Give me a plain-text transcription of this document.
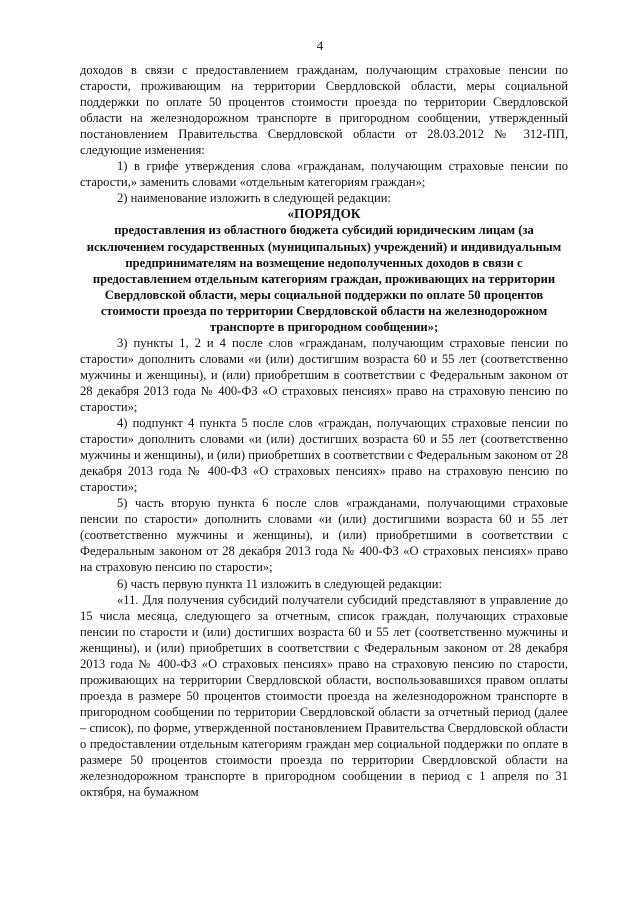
4

доходов в связи с предоставлением гражданам, получающим страховые пенсии по старости, проживающим на территории Свердловской области, меры социальной поддержки по оплате 50 процентов стоимости проезда по территории Свердловской области на железнодорожном транспорте в пригородном сообщении, утвержденный постановлением Правительства Свердловской области от 28.03.2012 № 312-ПП, следующие изменения:

1) в грифе утверждения слова «гражданам, получающим страховые пенсии по старости,» заменить словами «отдельным категориям граждан»;

2) наименование изложить в следующей редакции:

«ПОРЯДОК
предоставления из областного бюджета субсидий юридическим лицам (за исключением государственных (муниципальных) учреждений) и индивидуальным предпринимателям на возмещение недополученных доходов в связи с предоставлением отдельным категориям граждан, проживающих на территории Свердловской области, меры социальной поддержки по оплате 50 процентов стоимости проезда по территории Свердловской области на железнодорожном транспорте в пригородном сообщении»;

3) пункты 1, 2 и 4 после слов «гражданам, получающим страховые пенсии по старости» дополнить словами «и (или) достигшим возраста 60 и 55 лет (соответственно мужчины и женщины), и (или) приобретшим в соответствии с Федеральным законом от 28 декабря 2013 года № 400-ФЗ «О страховых пенсиях» право на страховую пенсию по старости»;

4) подпункт 4 пункта 5 после слов «граждан, получающих страховые пенсии по старости» дополнить словами «и (или) достигших возраста 60 и 55 лет (соответственно мужчины и женщины), и (или) приобретших в соответствии с Федеральным законом от 28 декабря 2013 года № 400-ФЗ «О страховых пенсиях» право на страховую пенсию по старости»;

5) часть вторую пункта 6 после слов «гражданами, получающими страховые пенсии по старости» дополнить словами «и (или) достигшими возраста 60 и 55 лет (соответственно мужчины и женщины), и (или) приобретшими в соответствии с Федеральным законом от 28 декабря 2013 года № 400-ФЗ «О страховых пенсиях» право на страховую пенсию по старости»;

6) часть первую пункта 11 изложить в следующей редакции:

«11. Для получения субсидий получатели субсидий представляют в управление до 15 числа месяца, следующего за отчетным, список граждан, получающих страховые пенсии по старости и (или) достигших возраста 60 и 55 лет (соответственно мужчины и женщины), и (или) приобретших в соответствии с Федеральным законом от 28 декабря 2013 года № 400-ФЗ «О страховых пенсиях» право на страховую пенсию по старости, проживающих на территории Свердловской области, воспользовавшихся правом оплаты проезда в размере 50 процентов стоимости проезда на железнодорожном транспорте в пригородном сообщении по территории Свердловской области за отчетный период (далее – список), по форме, утвержденной постановлением Правительства Свердловской области о предоставлении отдельным категориям граждан мер социальной поддержки по оплате в размере 50 процентов стоимости проезда по территории Свердловской области на железнодорожном транспорте в пригородном сообщении в период с 1 апреля по 31 октября, на бумажном
